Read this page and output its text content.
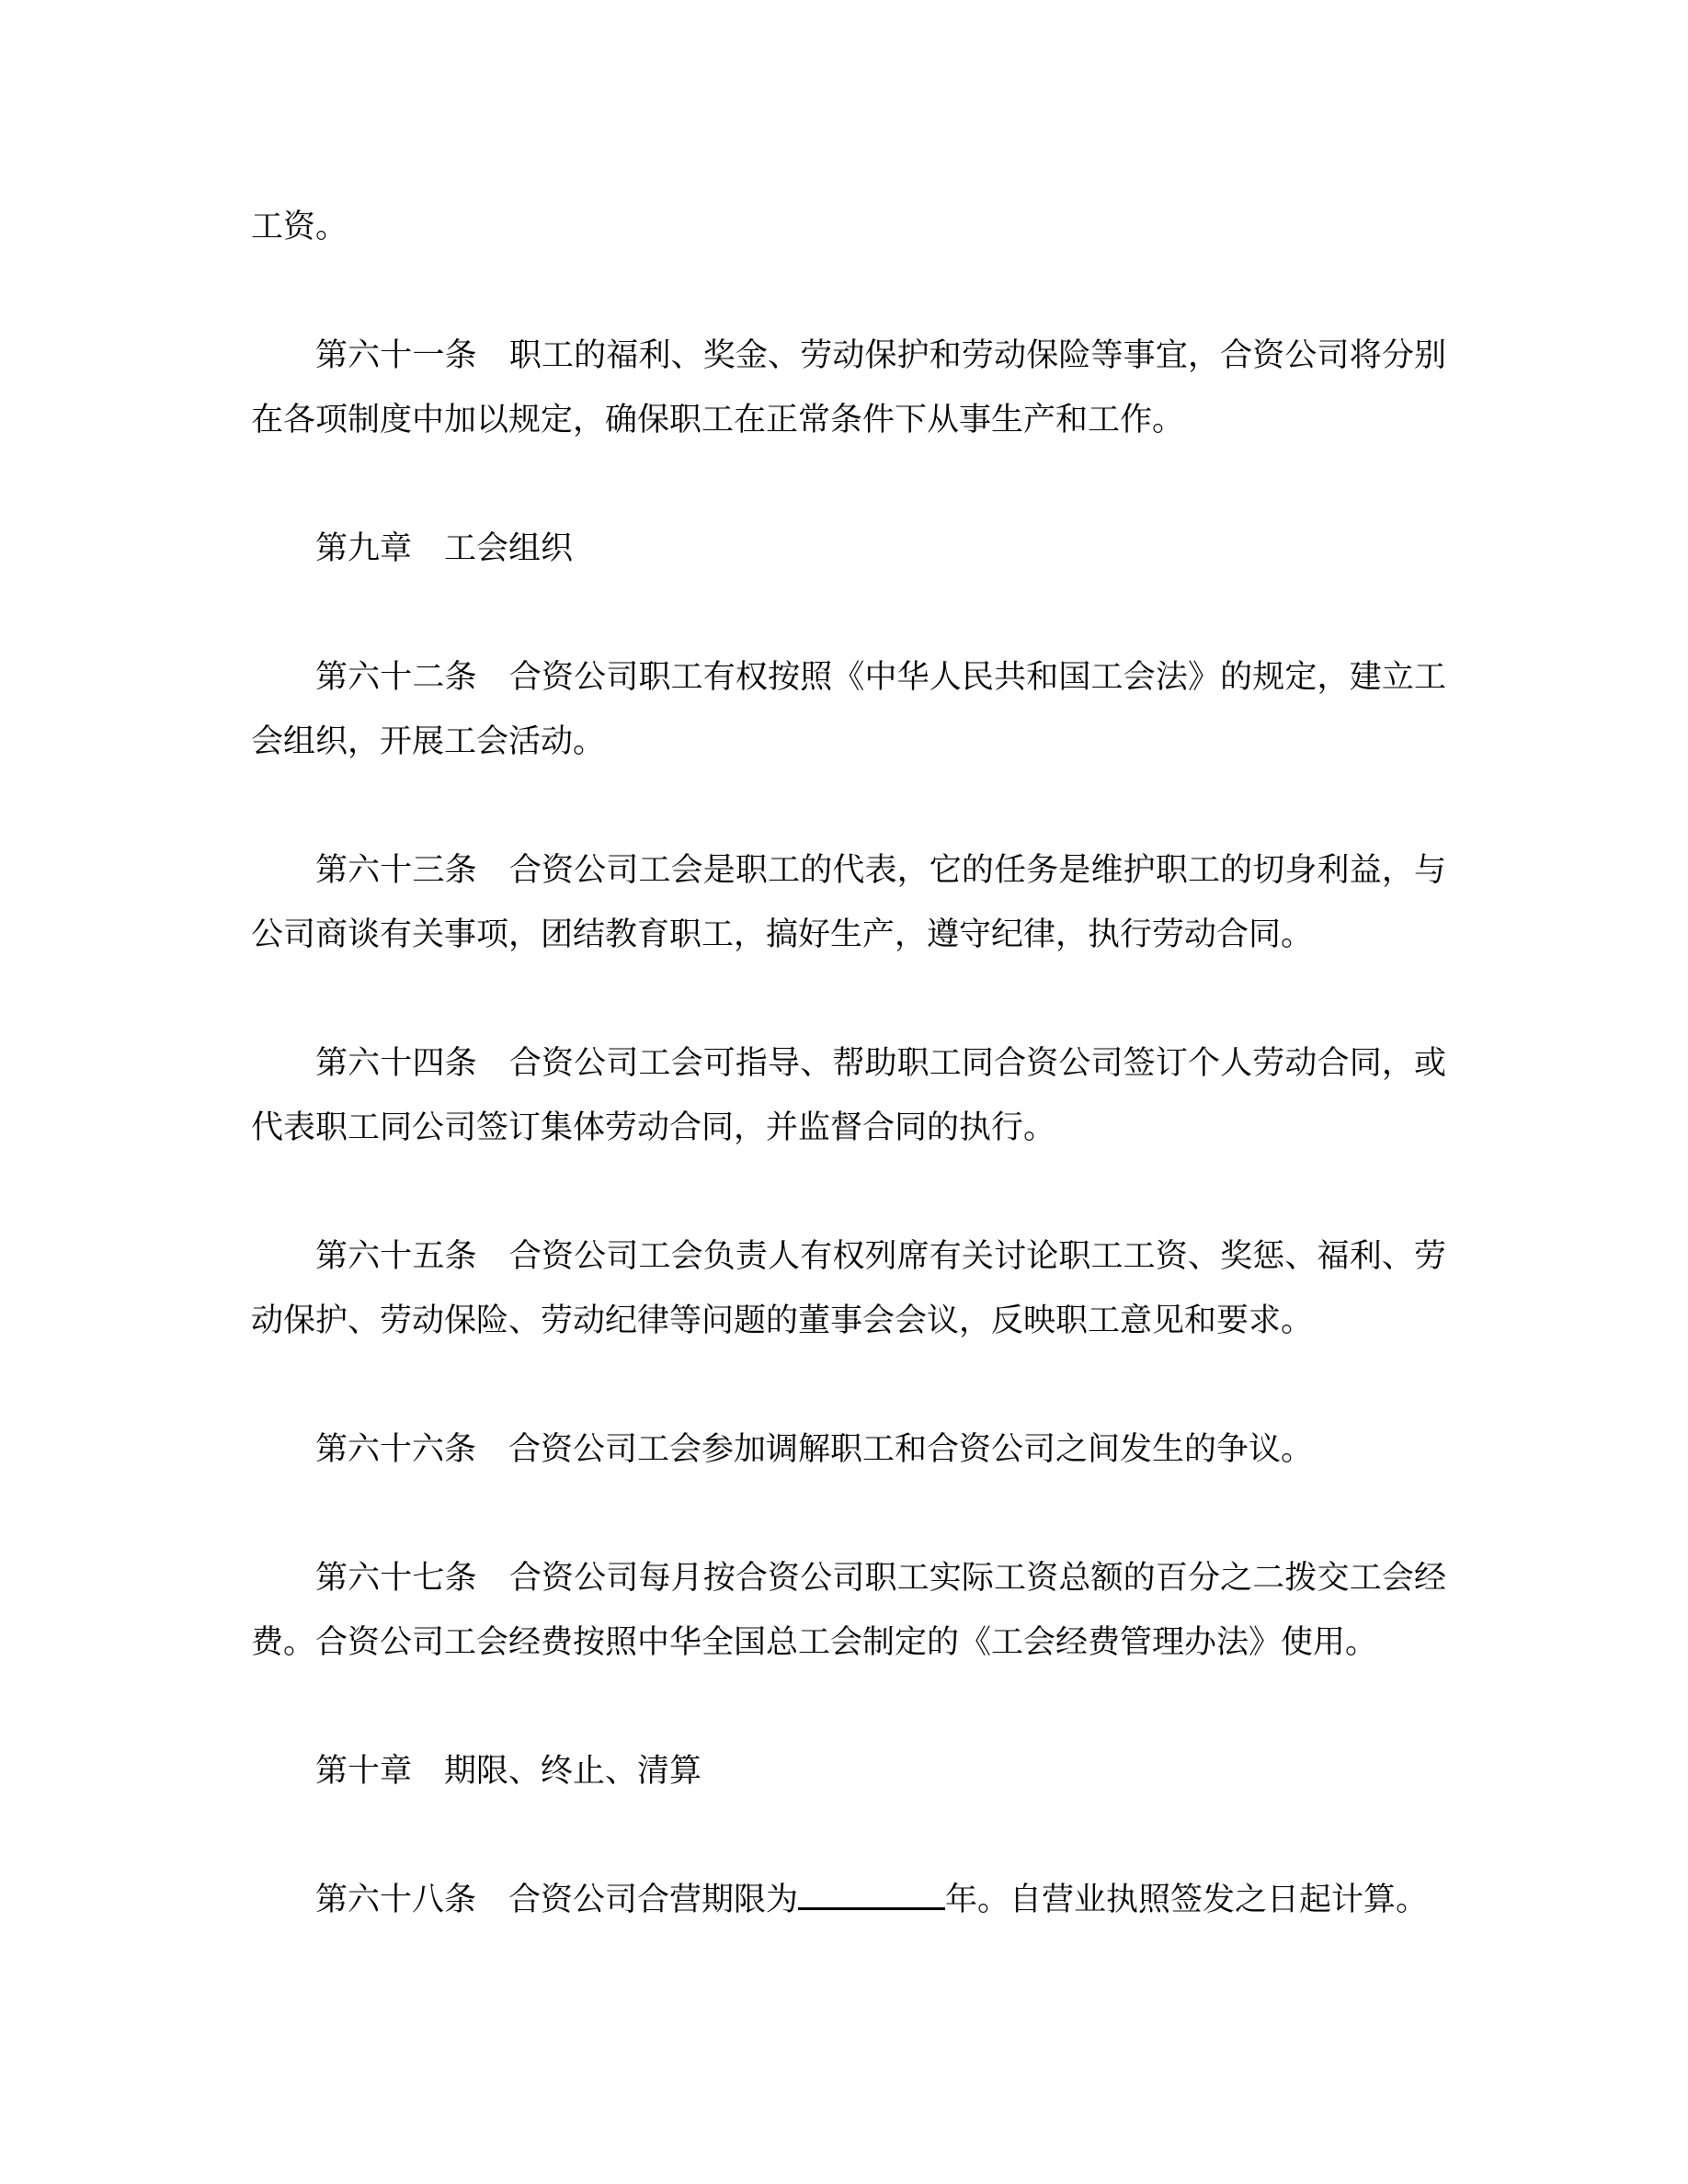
工资。

第六十一条　职工的福利、奖金、劳动保护和劳动保险等事宜，合资公司将分别在各项制度中加以规定，确保职工在正常条件下从事生产和工作。

第九章　工会组织

第六十二条　合资公司职工有权按照《中华人民共和国工会法》的规定，建立工会组织，开展工会活动。

第六十三条　合资公司工会是职工的代表，它的任务是维护职工的切身利益，与公司商谈有关事项，团结教育职工，搞好生产，遵守纪律，执行劳动合同。

第六十四条　合资公司工会可指导、帮助职工同合资公司签订个人劳动合同，或代表职工同公司签订集体劳动合同，并监督合同的执行。

第六十五条　合资公司工会负责人有权列席有关讨论职工工资、奖惩、福利、劳动保护、劳动保险、劳动纪律等问题的董事会会议，反映职工意见和要求。

第六十六条　合资公司工会参加调解职工和合资公司之间发生的争议。

第六十七条　合资公司每月按合资公司职工实际工资总额的百分之二拨交工会经费。合资公司工会经费按照中华全国总工会制定的《工会经费管理办法》使用。

第十章　期限、终止、清算

第六十八条　合资公司合营期限为	年。自营业执照签发之日起计算。
